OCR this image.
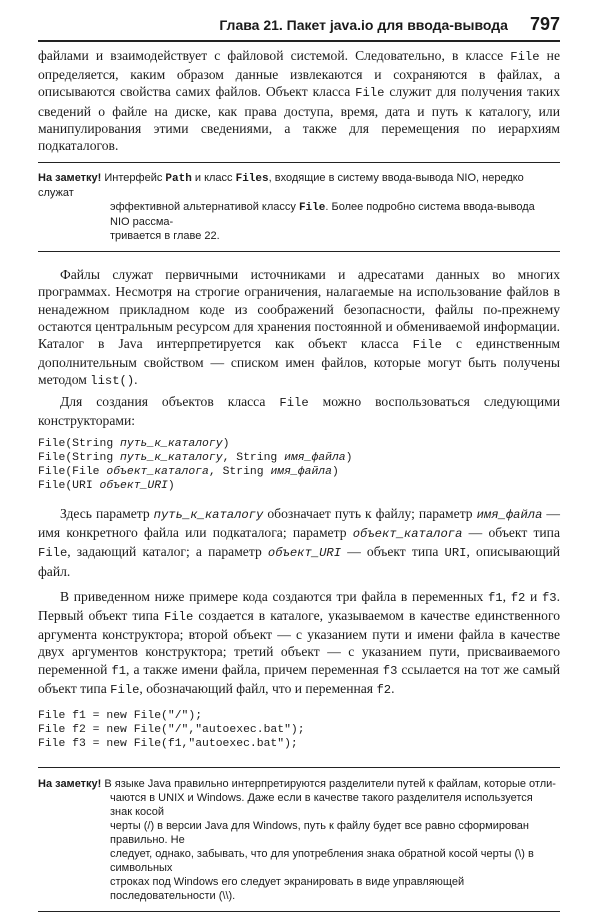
Глава 21. Пакет java.io для ввода-вывода 797

файлами и взаимодействует с файловой системой. Следовательно, в классе File не определяется, каким образом данные извлекаются и сохраняются в файлах, а описываются свойства самих файлов. Объект класса File служит для получения таких сведений о файле на диске, как права доступа, время, дата и путь к каталогу, или манипулирования этими сведениями, а также для перемещения по иерархиям подкаталогов.

На заметку! Интерфейс Path и класс Files, входящие в систему ввода-вывода NIO, нередко служат
эффективной альтернативой классу File. Более подробно система ввода-вывода NIO рассма-
тривается в главе 22.

Файлы служат первичными источниками и адресатами данных во многих программах. Несмотря на строгие ограничения, налагаемые на использование файлов в ненадежном прикладном коде из соображений безопасности, файлы по-прежнему остаются центральным ресурсом для хранения постоянной и обмениваемой информации. Каталог в Java интерпретируется как объект класса File с единственным дополнительным свойством — списком имен файлов, которые могут быть получены методом list().

Для создания объектов класса File можно воспользоваться следующими конструкторами:

File(String путь_к_каталогу)
File(String путь_к_каталогу, String имя_файла)
File(File объект_каталога, String имя_файла)
File(URI объект_URI)

Здесь параметр путь_к_каталогу обозначает путь к файлу; параметр имя_файла — имя конкретного файла или подкаталога; параметр объект_каталога — объект типа File, задающий каталог; а параметр объект_URI — объект типа URI, описывающий файл.

В приведенном ниже примере кода создаются три файла в переменных f1, f2 и f3. Первый объект типа File создается в каталоге, указываемом в качестве единственного аргумента конструктора; второй объект — с указанием пути и имени файла в качестве двух аргументов конструктора; третий объект — с указанием пути, присваиваемого переменной f1, а также имени файла, причем переменная f3 ссылается на тот же самый объект типа File, обозначающий файл, что и переменная f2.

File f1 = new File("/");
File f2 = new File("/","autoexec.bat");
File f3 = new File(f1,"autoexec.bat");
На заметку! В языке Java правильно интерпретируются разделители путей к файлам, которые отли-
чаются в UNIX и Windows. Даже если в качестве такого разделителя используется знак косой
черты (/) в версии Java для Windows, путь к файлу будет все равно сформирован правильно. Не
следует, однако, забывать, что для употребления знака обратной косой черты (\) в символьных
строках под Windows его следует экранировать в виде управляющей последовательности (\\).
